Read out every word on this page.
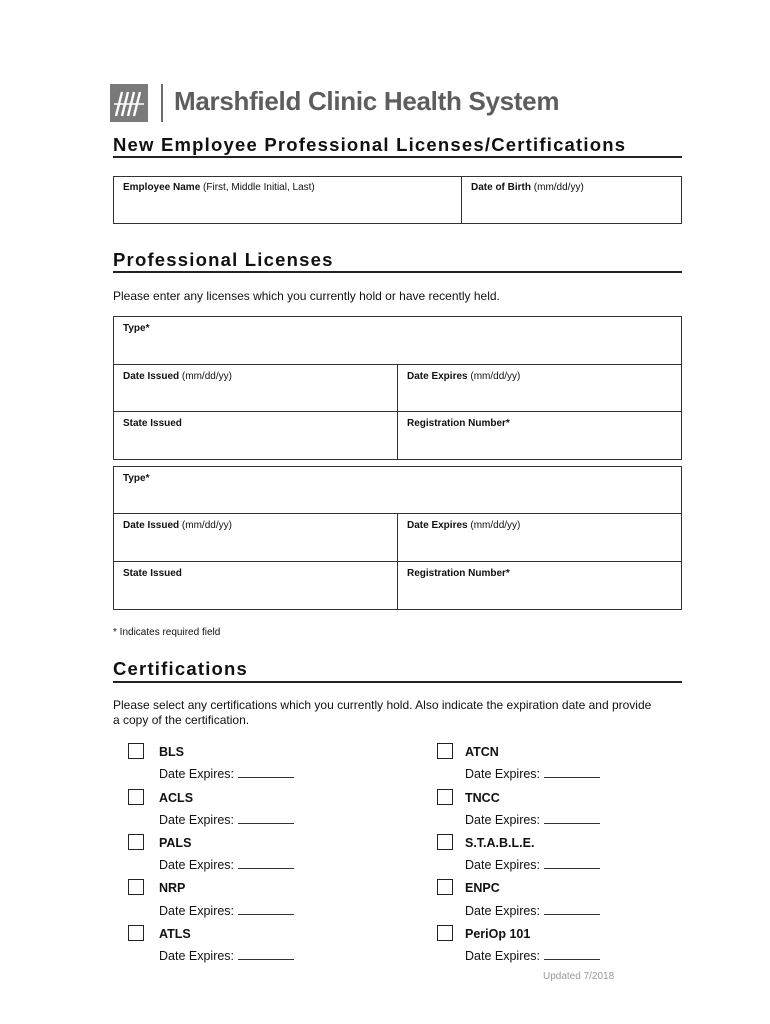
Marshfield Clinic Health System
New Employee Professional Licenses/Certifications
Employee Name (First, Middle Initial, Last)	Date of Birth (mm/dd/yy)
Professional Licenses
Please enter any licenses which you currently hold or have recently held.
Type*
Date Issued (mm/dd/yy)	Date Expires (mm/dd/yy)
State Issued	Registration Number*
Type*
Date Issued (mm/dd/yy)	Date Expires (mm/dd/yy)
State Issued	Registration Number*
* Indicates required field
Certifications
Please select any certifications which you currently hold. Also indicate the expiration date and provide
a copy of the certification.
BLS
Date Expires:
ACLS
Date Expires:
PALS
Date Expires:
NRP
Date Expires:
ATLS
Date Expires:
ATCN
Date Expires:
TNCC
Date Expires:
S.T.A.B.L.E.
Date Expires:
ENPC
Date Expires:
PeriOp 101
Date Expires:
Updated 7/2018
